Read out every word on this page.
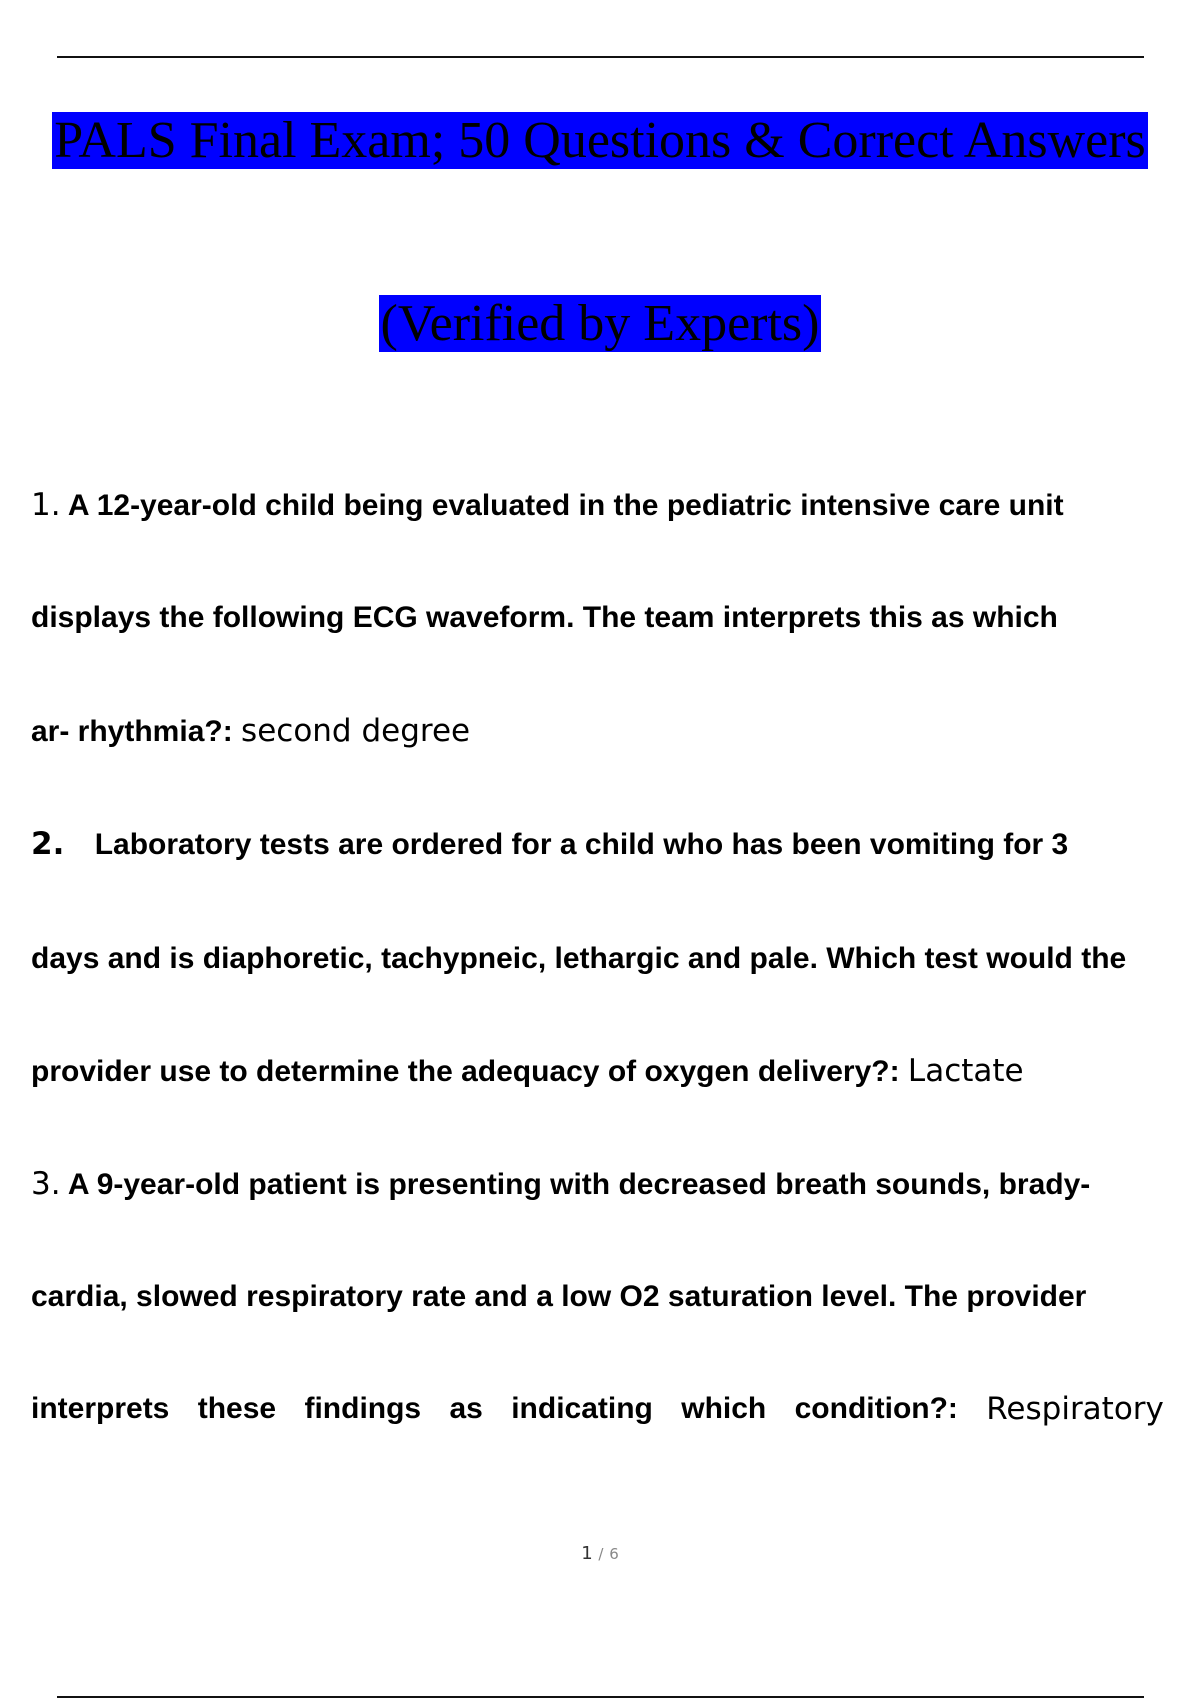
PALS Final Exam; 50 Questions & Correct Answers
(Verified by Experts)
1. A 12-year-old child being evaluated in the pediatric intensive care unit
displays the following ECG waveform. The team interprets this as which
ar- rhythmia?: second degree
2. Laboratory tests are ordered for a child who has been vomiting for 3
days and is diaphoretic, tachypneic, lethargic and pale. Which test would the
provider use to determine the adequacy of oxygen delivery?: Lactate
3. A 9-year-old patient is presenting with decreased breath sounds, brady-
cardia, slowed respiratory rate and a low O2 saturation level. The provider
interprets these findings as indicating which condition?: Respiratory
1 / 6
